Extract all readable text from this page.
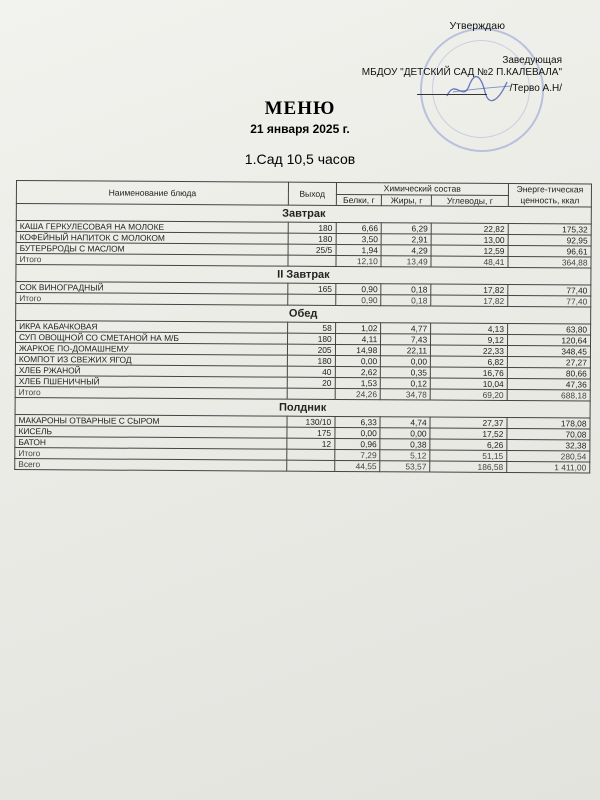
Утверждаю
Заведующая
МБДОУ "ДЕТСКИЙ САД №2 П.КАЛЕВАЛА"
/Терво А.Н/
МЕНЮ
21 января 2025 г.
1.Сад 10,5 часов
Наименование блюда	Выход	Химический состав			Энерге-тическая ценность, ккал
		Белки, г	Жиры, г	Углеводы, г	
Завтрак					
КАША ГЕРКУЛЕСОВАЯ НА МОЛОКЕ	180	6,66	6,29	22,82	175,32
КОФЕЙНЫЙ НАПИТОК С МОЛОКОМ	180	3,50	2,91	13,00	92,95
БУТЕРБРОДЫ С МАСЛОМ	25/5	1,94	4,29	12,59	96,61
Итого		12,10	13,49	48,41	364,88
II Завтрак					
СОК ВИНОГРАДНЫЙ	165	0,90	0,18	17,82	77,40
Итого		0,90	0,18	17,82	77,40
Обед					
ИКРА КАБАЧКОВАЯ	58	1,02	4,77	4,13	63,80
СУП ОВОЩНОЙ СО СМЕТАНОЙ НА М/Б	180	4,11	7,43	9,12	120,64
ЖАРКОЕ ПО-ДОМАШНЕМУ	205	14,98	22,11	22,33	348,45
КОМПОТ ИЗ СВЕЖИХ ЯГОД	180	0,00	0,00	6,82	27,27
ХЛЕБ РЖАНОЙ	40	2,62	0,35	16,76	80,66
ХЛЕБ ПШЕНИЧНЫЙ	20	1,53	0,12	10,04	47,36
Итого		24,26	34,78	69,20	688,18
Полдник					
МАКАРОНЫ ОТВАРНЫЕ С СЫРОМ	130/10	6,33	4,74	27,37	178,08
КИСЕЛЬ	175	0,00	0,00	17,52	70,08
БАТОН	12	0,96	0,38	6,26	32,38
Итого		7,29	5,12	51,15	280,54
Всего		44,55	53,57	186,58	1 411,00
